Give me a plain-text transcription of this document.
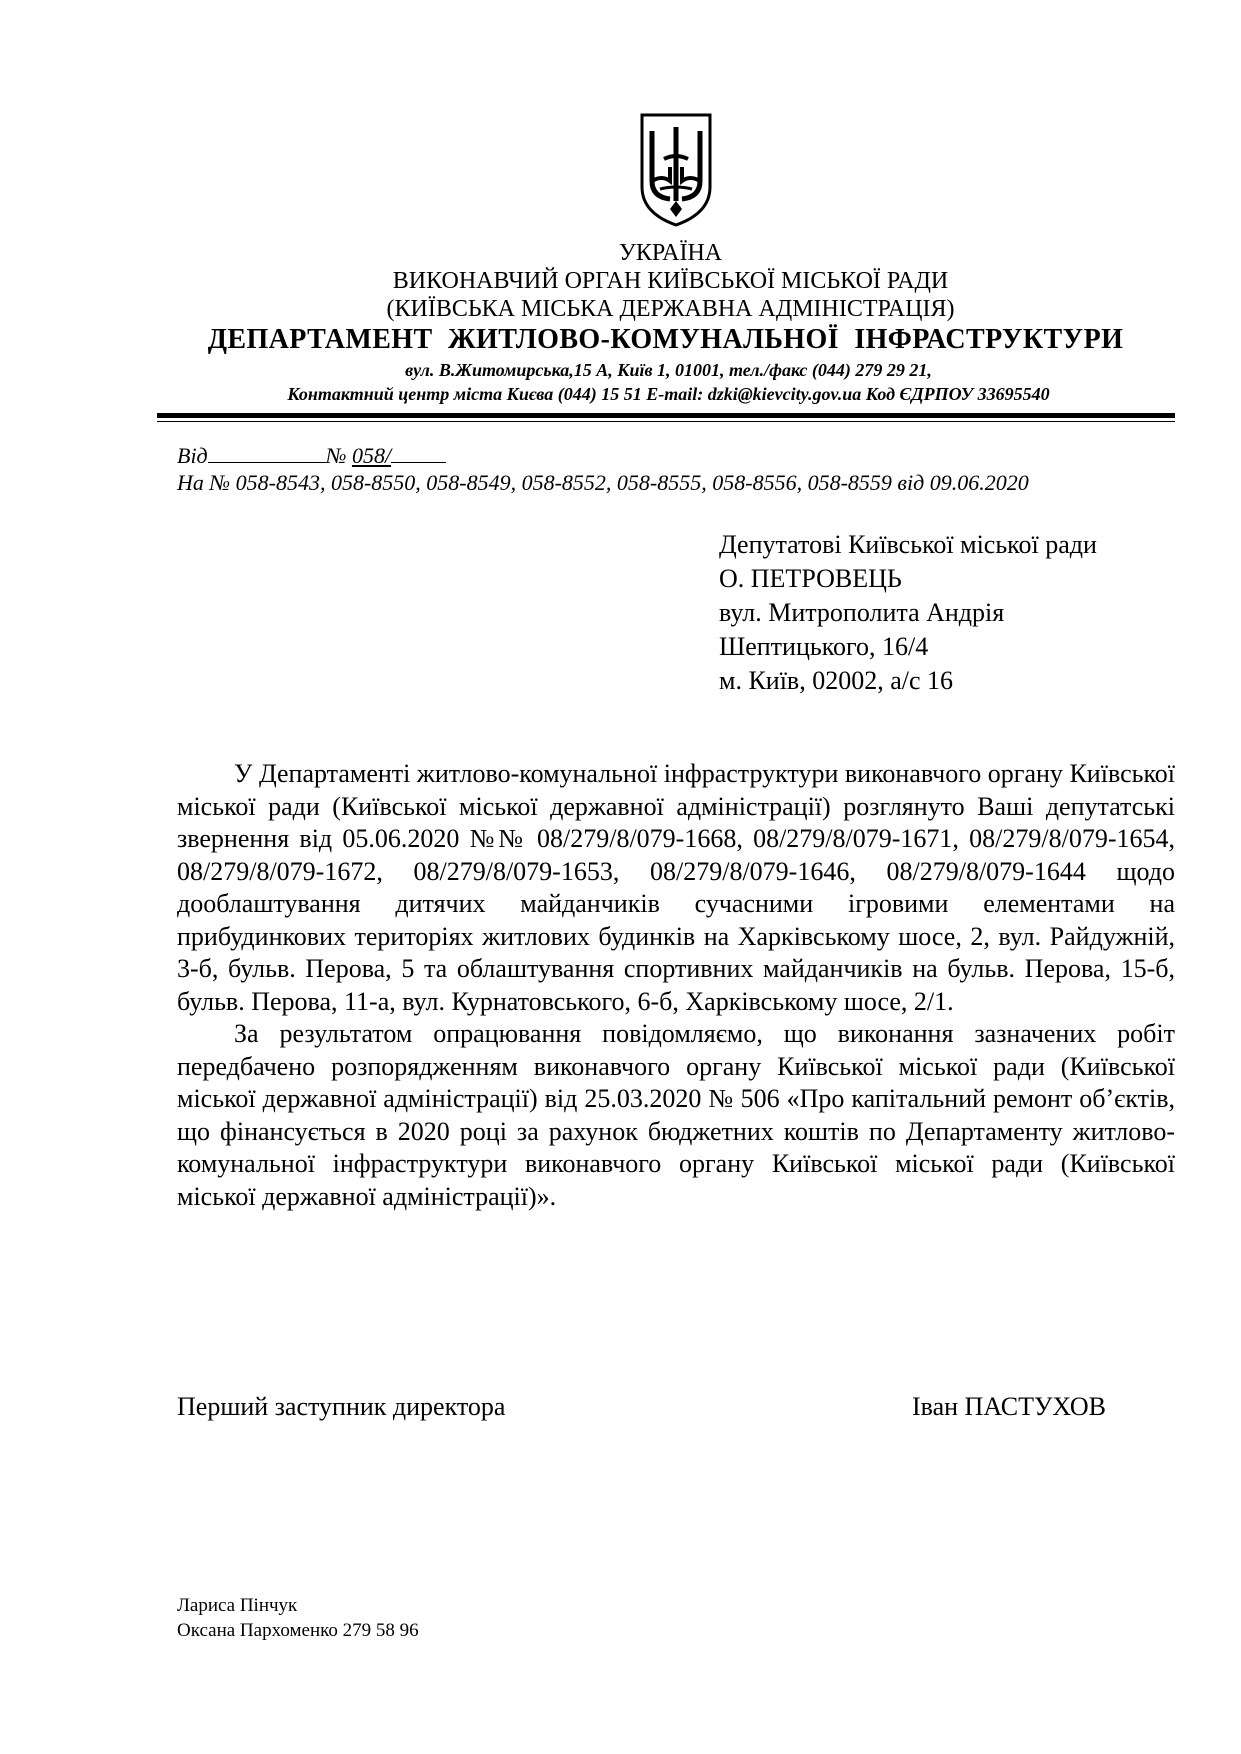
УКРАЇНА
ВИКОНАВЧИЙ ОРГАН КИЇВСЬКОЇ МІСЬКОЇ РАДИ
(КИЇВСЬКА МІСЬКА ДЕРЖАВНА АДМІНІСТРАЦІЯ)
ДЕПАРТАМЕНТ ЖИТЛОВО-КОМУНАЛЬНОЇ ІНФРАСТРУКТУРИ
вул. В.Житомирська,15 А, Київ 1, 01001, тел./факс (044) 279 29 21,
Контактний центр міста Києва (044) 15 51 E-mail: dzki@kievcity.gov.ua Код ЄДРПОУ 33695540
Від	№ 058/
На № 058-8543, 058-8550, 058-8549, 058-8552, 058-8555, 058-8556, 058-8559 від 09.06.2020
Депутатові Київської міської ради
О. ПЕТРОВЕЦЬ
вул. Митрополита Андрія
Шептицького, 16/4
м. Київ, 02002, а/с 16

У Департаменті житлово-комунальної інфраструктури виконавчого органу Київської міської ради (Київської міської державної адміністрації) розглянуто Ваші депутатські звернення від 05.06.2020 №№ 08/279/8/079-1668, 08/279/8/079-1671, 08/279/8/079-1654, 08/279/8/079-1672, 08/279/8/079-1653, 08/279/8/079-1646, 08/279/8/079-1644 щодо дооблаштування дитячих майданчиків сучасними ігровими елементами на прибудинкових територіях житлових будинків на Харківському шосе, 2, вул. Райдужній, 3-б, бульв. Перова, 5 та облаштування спортивних майданчиків на бульв. Перова, 15-б, бульв. Перова, 11-а, вул. Курнатовського, 6-б, Харківському шосе, 2/1.

За результатом опрацювання повідомляємо, що виконання зазначених робіт передбачено розпорядженням виконавчого органу Київської міської ради (Київської міської державної адміністрації) від 25.03.2020 № 506 «Про капітальний ремонт об’єктів, що фінансується в 2020 році за рахунок бюджетних коштів по Департаменту житлово-комунальної інфраструктури виконавчого органу Київської міської ради (Київської міської державної адміністрації)».

Перший заступник директора	Іван ПАСТУХОВ
Лариса Пінчук
Оксана Пархоменко 279 58 96
